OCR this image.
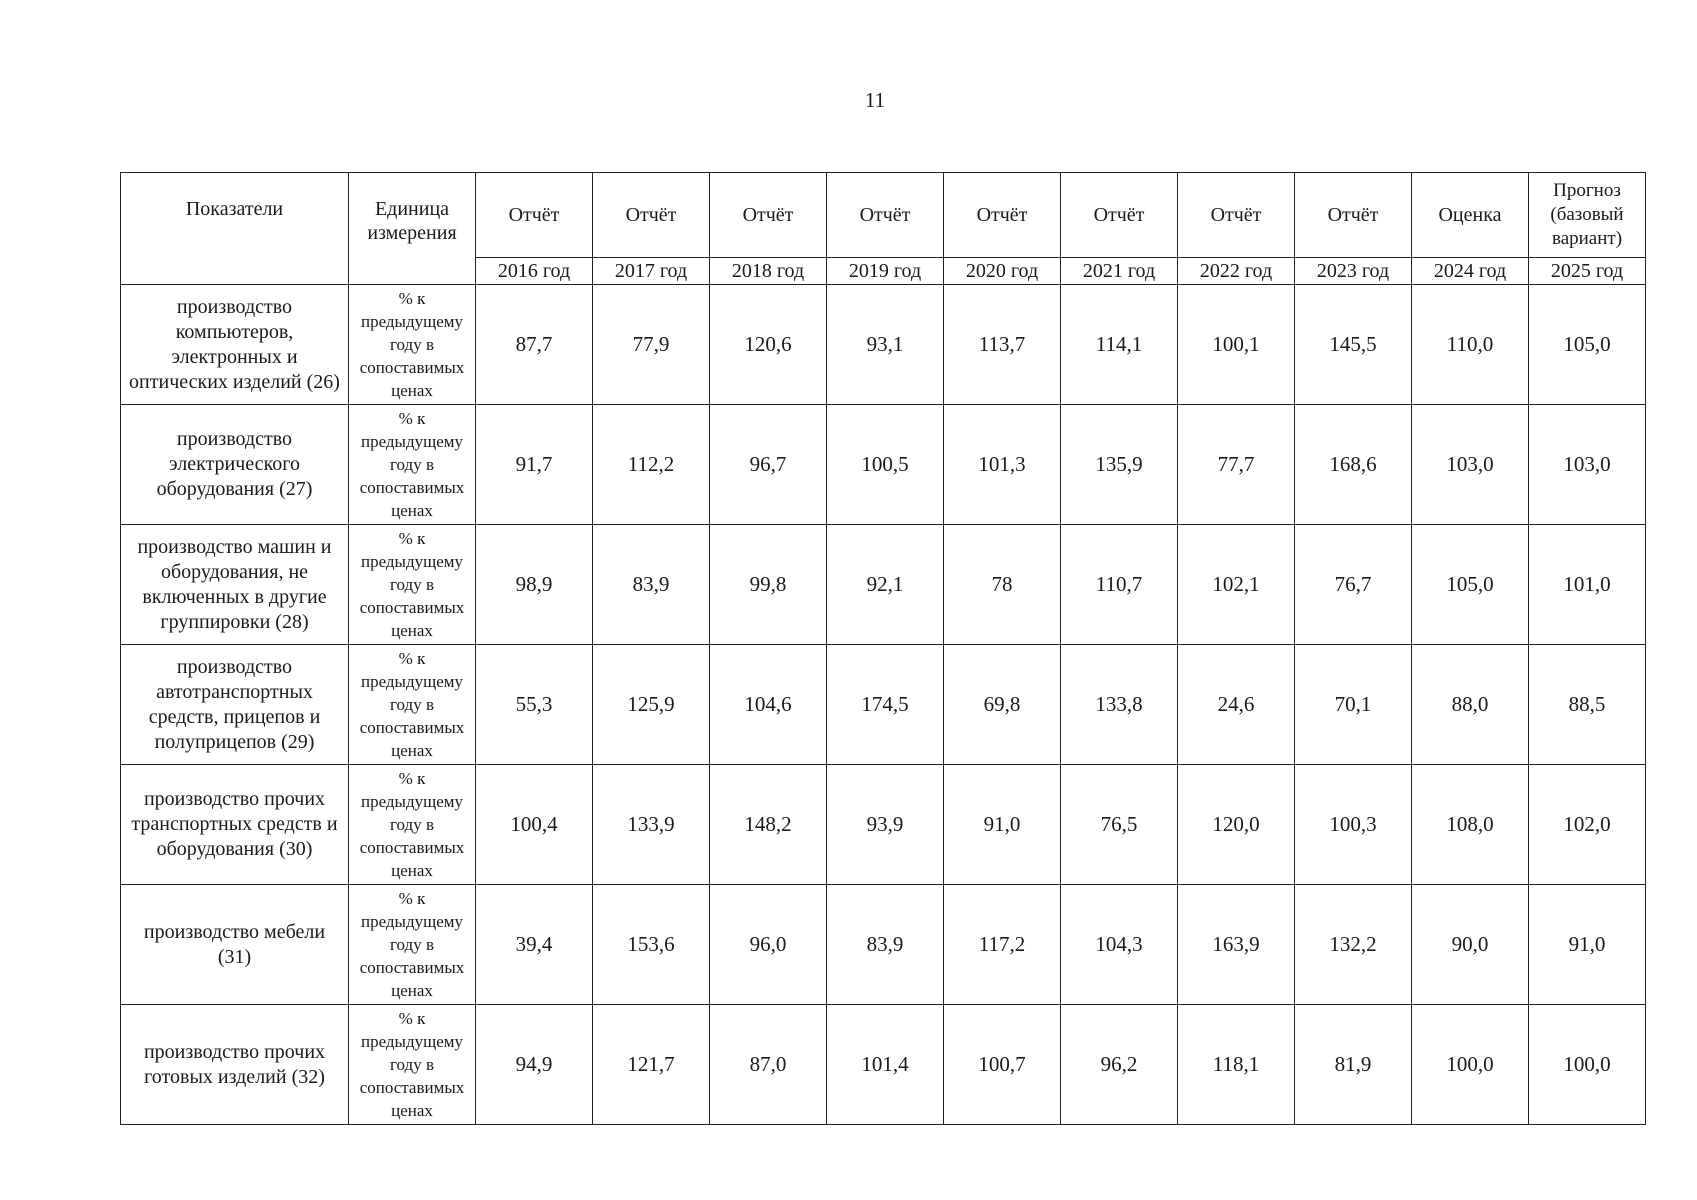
11
Показатели	Единица измерения	Отчёт	Отчёт	Отчёт	Отчёт	Отчёт	Отчёт	Отчёт	Отчёт	Оценка	Прогноз (базовый вариант)
		2016 год	2017 год	2018 год	2019 год	2020 год	2021 год	2022 год	2023 год	2024 год	2025 год
производство компьютеров, электронных и оптических изделий (26)	% к предыдущему году в сопоставимых ценах	87,7	77,9	120,6	93,1	113,7	114,1	100,1	145,5	110,0	105,0
производство электрического оборудования (27)	% к предыдущему году в сопоставимых ценах	91,7	112,2	96,7	100,5	101,3	135,9	77,7	168,6	103,0	103,0
производство машин и оборудования, не включенных в другие группировки (28)	% к предыдущему году в сопоставимых ценах	98,9	83,9	99,8	92,1	78	110,7	102,1	76,7	105,0	101,0
производство автотранспортных средств, прицепов и полуприцепов (29)	% к предыдущему году в сопоставимых ценах	55,3	125,9	104,6	174,5	69,8	133,8	24,6	70,1	88,0	88,5
производство прочих транспортных средств и оборудования (30)	% к предыдущему году в сопоставимых ценах	100,4	133,9	148,2	93,9	91,0	76,5	120,0	100,3	108,0	102,0
производство мебели (31)	% к предыдущему году в сопоставимых ценах	39,4	153,6	96,0	83,9	117,2	104,3	163,9	132,2	90,0	91,0
производство прочих готовых изделий (32)	% к предыдущему году в сопоставимых ценах	94,9	121,7	87,0	101,4	100,7	96,2	118,1	81,9	100,0	100,0
